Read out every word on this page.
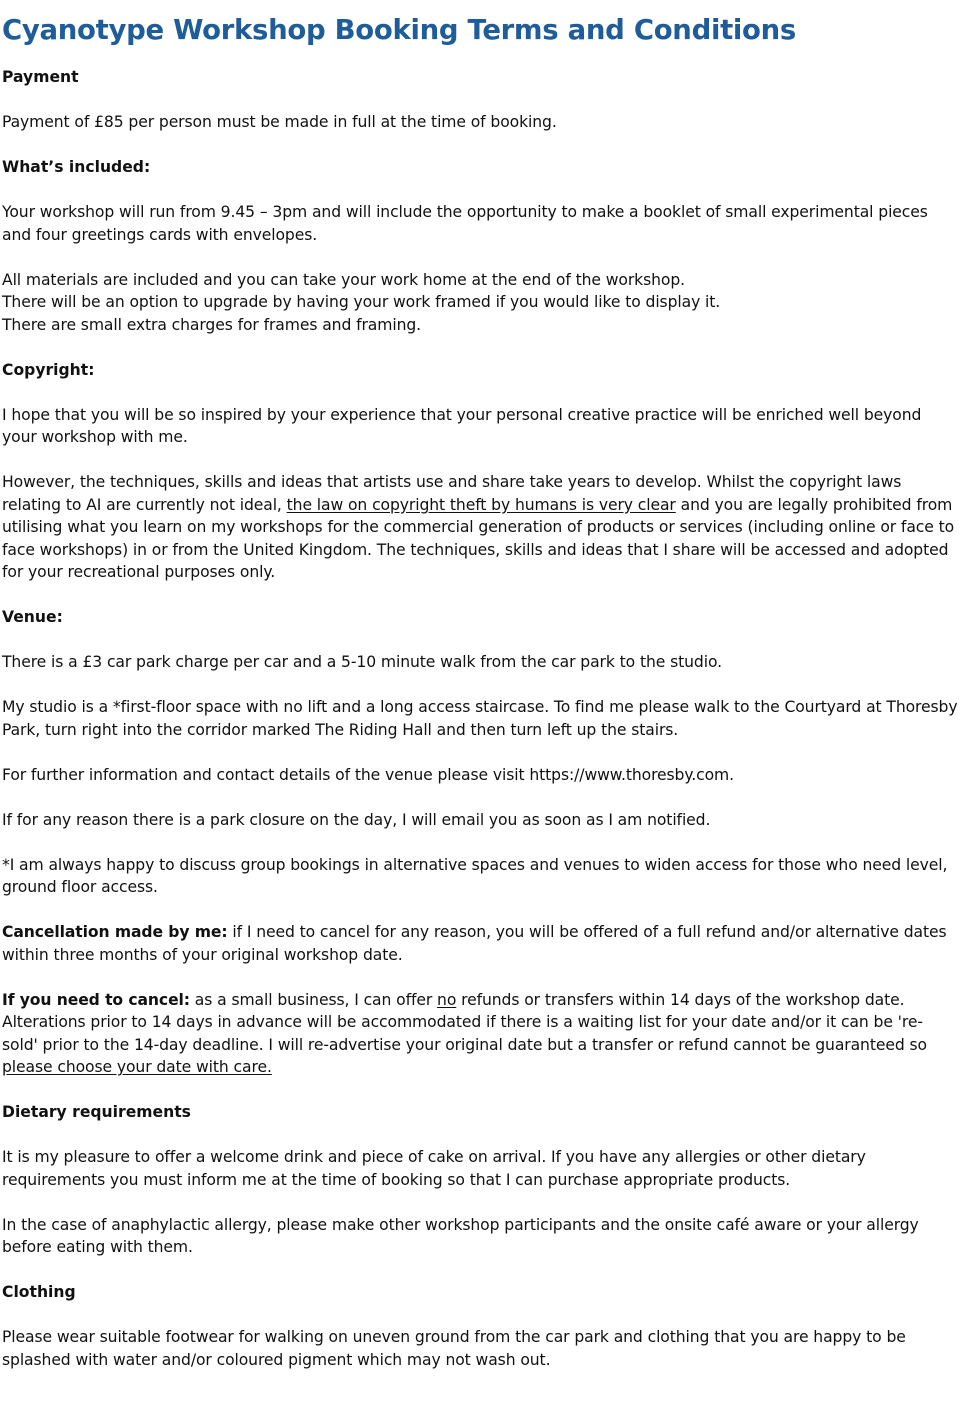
Cyanotype Workshop Booking Terms and Conditions
Payment

Payment of £85 per person must be made in full at the time of booking.

What’s included:

Your workshop will run from 9.45 – 3pm and will include the opportunity to make a booklet of small experimental pieces and four greetings cards with envelopes.

All materials are included and you can take your work home at the end of the workshop.
There will be an option to upgrade by having your work framed if you would like to display it.
There are small extra charges for frames and framing.

Copyright:

I hope that you will be so inspired by your experience that your personal creative practice will be enriched well beyond your workshop with me.

However, the techniques, skills and ideas that artists use and share take years to develop. Whilst the copyright laws relating to AI are currently not ideal, the law on copyright theft by humans is very clear and you are legally prohibited from utilising what you learn on my workshops for the commercial generation of products or services (including online or face to face workshops) in or from the United Kingdom. The techniques, skills and ideas that I share will be accessed and adopted for your recreational purposes only.

Venue:

There is a £3 car park charge per car and a 5-10 minute walk from the car park to the studio.

My studio is a *first-floor space with no lift and a long access staircase. To find me please walk to the Courtyard at Thoresby Park, turn right into the corridor marked The Riding Hall and then turn left up the stairs.

For further information and contact details of the venue please visit https://www.thoresby.com.

If for any reason there is a park closure on the day, I will email you as soon as I am notified.

*I am always happy to discuss group bookings in alternative spaces and venues to widen access for those who need level, ground floor access.

Cancellation made by me: if I need to cancel for any reason, you will be offered of a full refund and/or alternative dates within three months of your original workshop date.

If you need to cancel: as a small business, I can offer no refunds or transfers within 14 days of the workshop date. Alterations prior to 14 days in advance will be accommodated if there is a waiting list for your date and/or it can be 're-sold' prior to the 14-day deadline. I will re-advertise your original date but a transfer or refund cannot be guaranteed so please choose your date with care.

Dietary requirements

It is my pleasure to offer a welcome drink and piece of cake on arrival. If you have any allergies or other dietary requirements you must inform me at the time of booking so that I can purchase appropriate products.

In the case of anaphylactic allergy, please make other workshop participants and the onsite café aware or your allergy before eating with them.

Clothing

Please wear suitable footwear for walking on uneven ground from the car park and clothing that you are happy to be splashed with water and/or coloured pigment which may not wash out.
